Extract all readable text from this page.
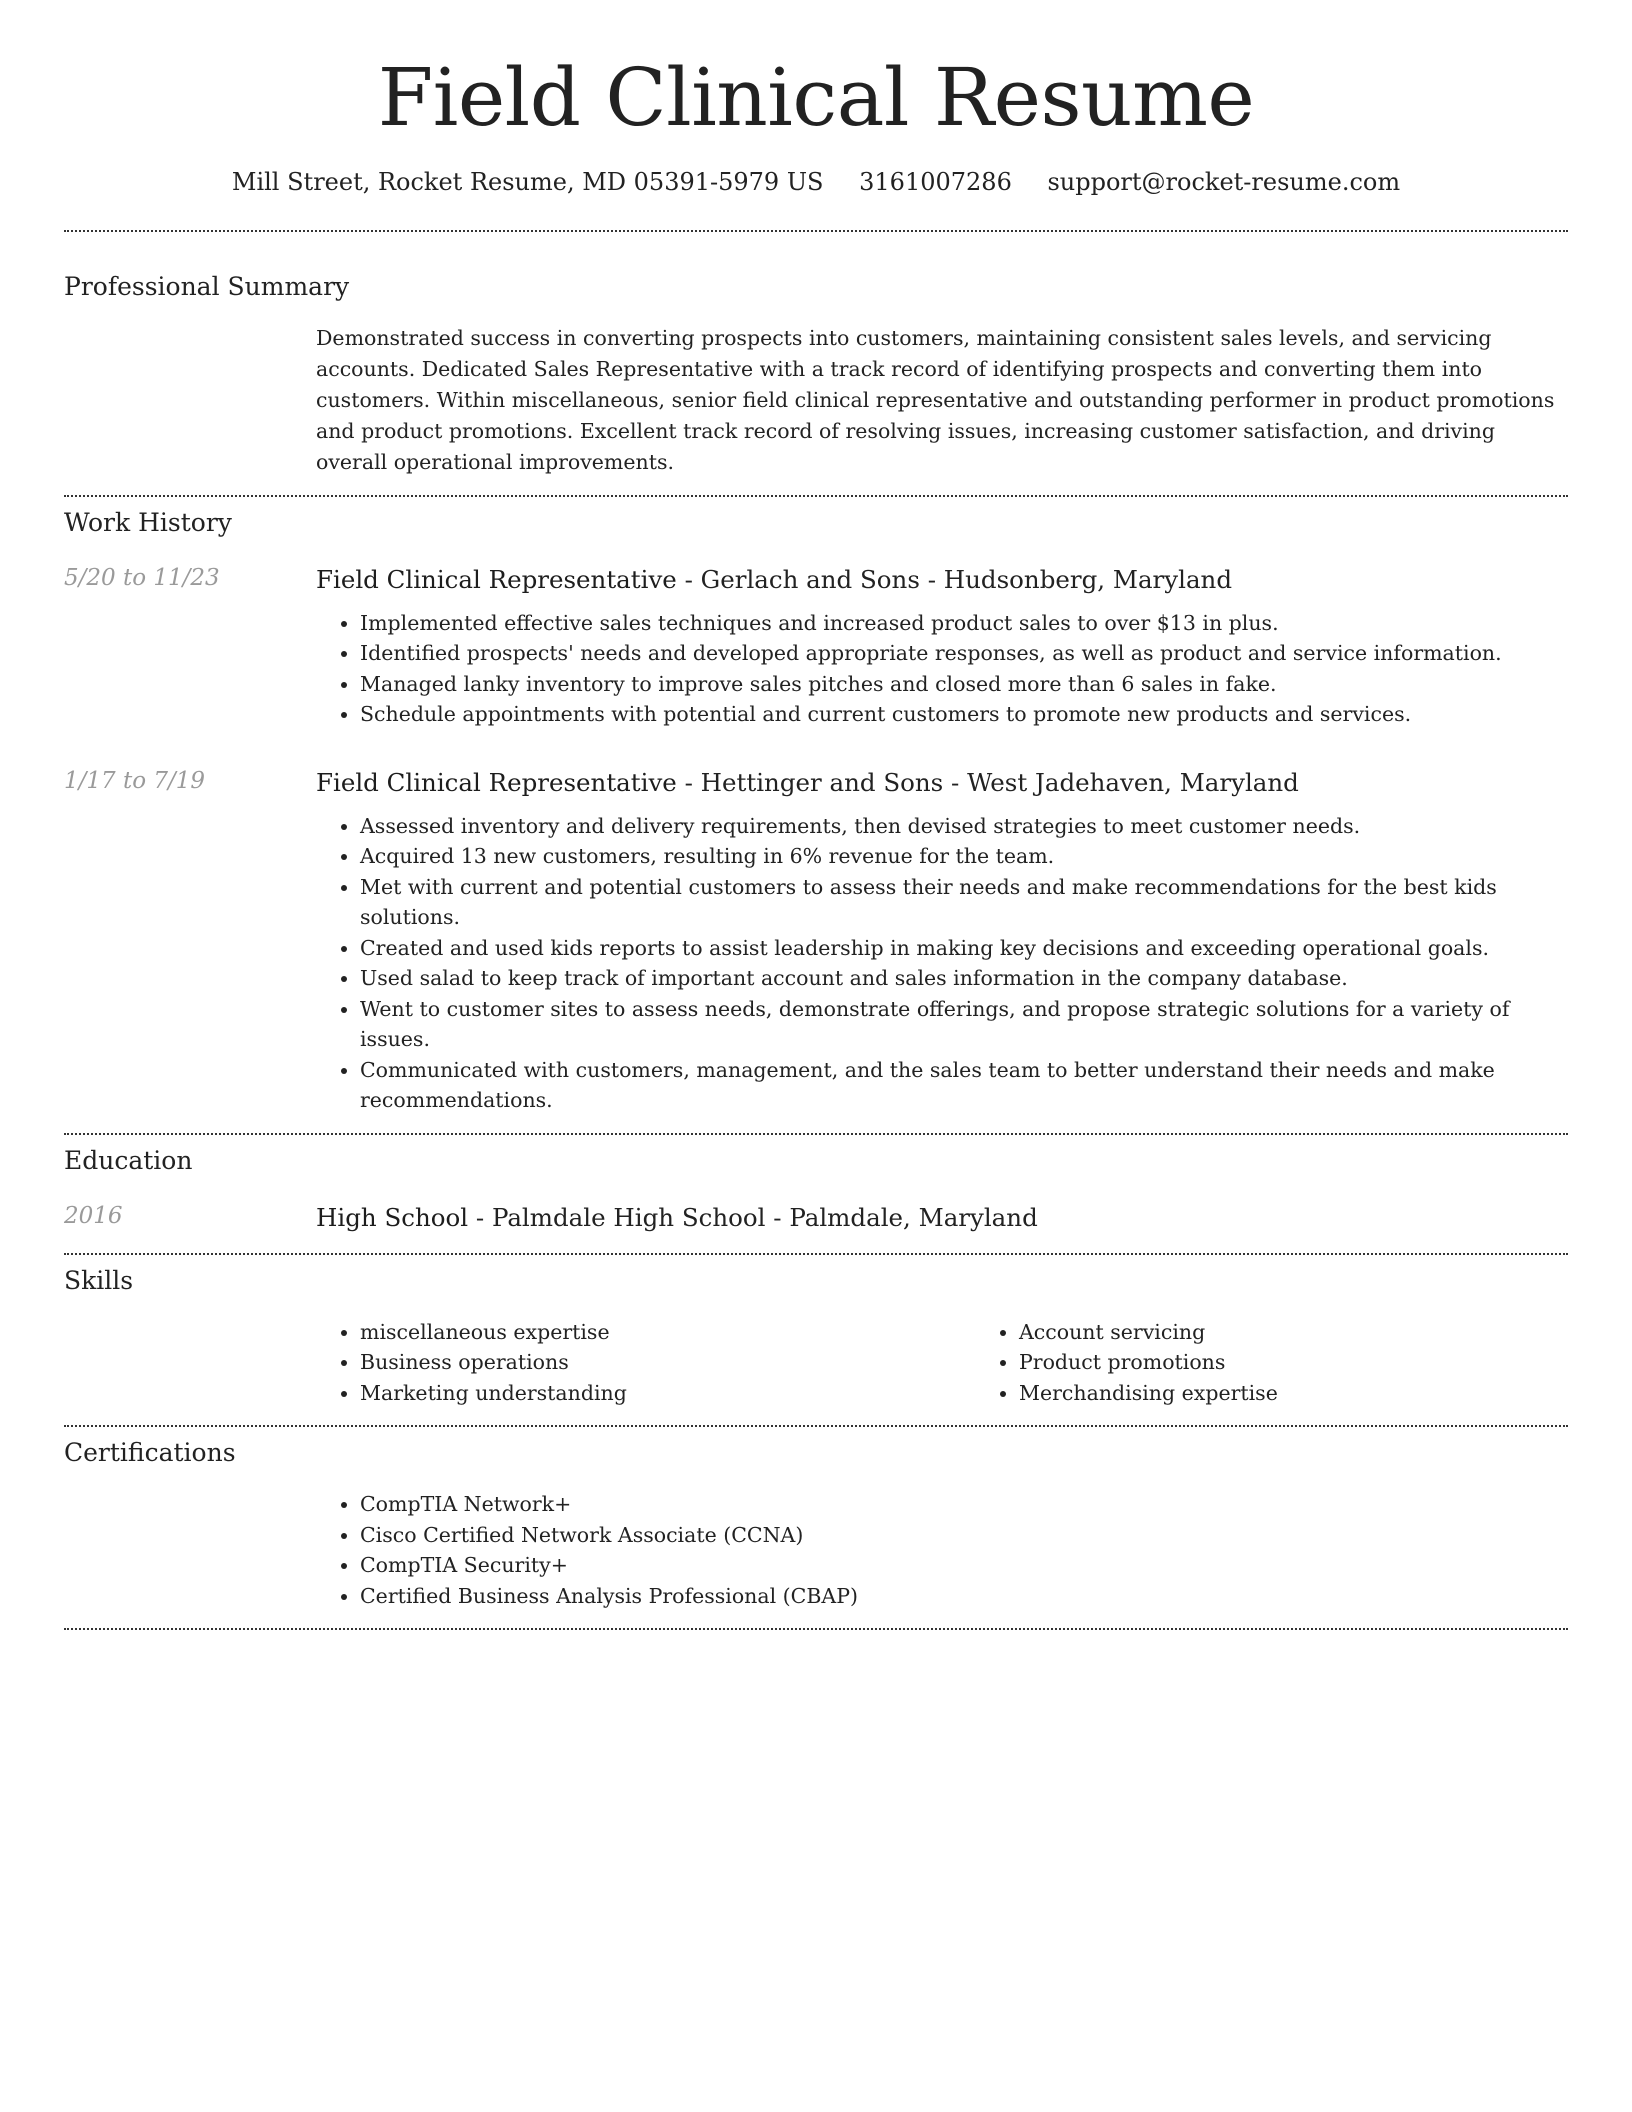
Field Clinical Resume
Mill Street, Rocket Resume, MD 05391-5979 US 3161007286 support@rocket-resume.com
Professional Summary

Demonstrated success in converting prospects into customers, maintaining consistent sales levels, and servicing accounts. Dedicated Sales Representative with a track record of identifying prospects and converting them into customers. Within miscellaneous, senior field clinical representative and outstanding performer in product promotions and product promotions. Excellent track record of resolving issues, increasing customer satisfaction, and driving overall operational improvements.

Work History
5/20 to 11/23	Field Clinical Representative - Gerlach and Sons - Hudsonberg, Maryland
• Implemented effective sales techniques and increased product sales to over $13 in plus.
• Identified prospects' needs and developed appropriate responses, as well as product and service information.
• Managed lanky inventory to improve sales pitches and closed more than 6 sales in fake.
• Schedule appointments with potential and current customers to promote new products and services.
1/17 to 7/19	Field Clinical Representative - Hettinger and Sons - West Jadehaven, Maryland
• Assessed inventory and delivery requirements, then devised strategies to meet customer needs.
• Acquired 13 new customers, resulting in 6% revenue for the team.
• Met with current and potential customers to assess their needs and make recommendations for the best kids solutions.
• Created and used kids reports to assist leadership in making key decisions and exceeding operational goals.
• Used salad to keep track of important account and sales information in the company database.
• Went to customer sites to assess needs, demonstrate offerings, and propose strategic solutions for a variety of issues.
• Communicated with customers, management, and the sales team to better understand their needs and make recommendations.
Education
2016	High School - Palmdale High School - Palmdale, Maryland
Skills
• miscellaneous expertise
• Business operations
• Marketing understanding
• Account servicing
• Product promotions
• Merchandising expertise
Certifications
• CompTIA Network+
• Cisco Certified Network Associate (CCNA)
• CompTIA Security+
• Certified Business Analysis Professional (CBAP)
